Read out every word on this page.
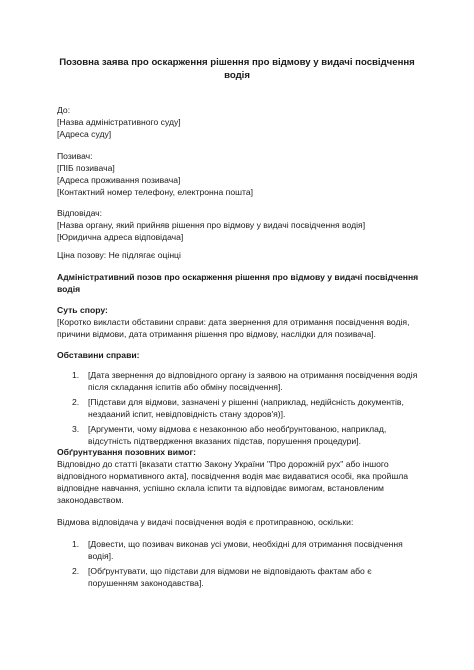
Позовна заява про оскарження рішення про відмову у видачі посвідчення водія
До:
[Назва адміністративного суду]
[Адреса суду]
Позивач:
[ПІБ позивача]
[Адреса проживання позивача]
[Контактний номер телефону, електронна пошта]
Відповідач:
[Назва органу, який прийняв рішення про відмову у видачі посвідчення водія]
[Юридична адреса відповідача]
Ціна позову: Не підлягає оцінці
Адміністративний позов про оскарження рішення про відмову у видачі посвідчення водія
Суть спору:
[Коротко викласти обставини справи: дата звернення для отримання посвідчення водія, причини відмови, дата отримання рішення про відмову, наслідки для позивача].
Обставини справи:
1. [Дата звернення до відповідного органу із заявою на отримання посвідчення водія після складання іспитів або обміну посвідчення].
2. [Підстави для відмови, зазначені у рішенні (наприклад, недійсність документів, нездааний іспит, невідповідність стану здоров'я)].
3. [Аргументи, чому відмова є незаконною або необґрунтованою, наприклад, відсутність підтвердження вказаних підстав, порушення процедури].
Обґрунтування позовних вимог:
Відповідно до статті [вказати статтю Закону України "Про дорожній рух" або іншого відповідного нормативного акта], посвідчення водія має видаватися особі, яка пройшла відповідне навчання, успішно склала іспити та відповідає вимогам, встановленим законодавством.
Відмова відповідача у видачі посвідчення водія є протиправною, оскільки:
1. [Довести, що позивач виконав усі умови, необхідні для отримання посвідчення водія].
2. [Обґрунтувати, що підстави для відмови не відповідають фактам або є порушенням законодавства].
